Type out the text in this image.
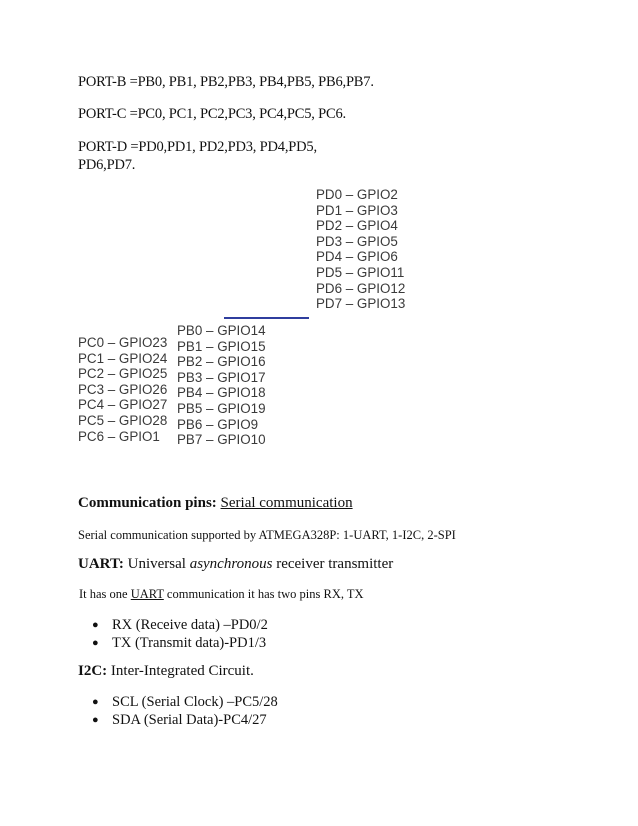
PORT-B =PB0, PB1, PB2,PB3, PB4,PB5, PB6,PB7.
PORT-C =PC0, PC1, PC2,PC3, PC4,PC5, PC6.
PORT-D =PD0,PD1, PD2,PD3, PD4,PD5,
PD6,PD7.
PD0 – GPIO2
PD1 – GPIO3
PD2 – GPIO4
PD3 – GPIO5
PD4 – GPIO6
PD5 – GPIO11
PD6 – GPIO12
PD7 – GPIO13
PB0 – GPIO14
PB1 – GPIO15
PB2 – GPIO16
PB3 – GPIO17
PB4 – GPIO18
PB5 – GPIO19
PB6 – GPIO9
PB7 – GPIO10
PC0 – GPIO23
PC1 – GPIO24
PC2 – GPIO25
PC3 – GPIO26
PC4 – GPIO27
PC5 – GPIO28
PC6 – GPIO1
Communication pins: Serial communication
Serial communication supported by ATMEGA328P: 1-UART, 1-I2C, 2-SPI
UART: Universal asynchronous receiver transmitter
It has one UART communication it has two pins RX, TX
● RX (Receive data) –PD0/2
● TX (Transmit data)-PD1/3
I2C: Inter-Integrated Circuit.
● SCL (Serial Clock) –PC5/28
● SDA (Serial Data)-PC4/27
